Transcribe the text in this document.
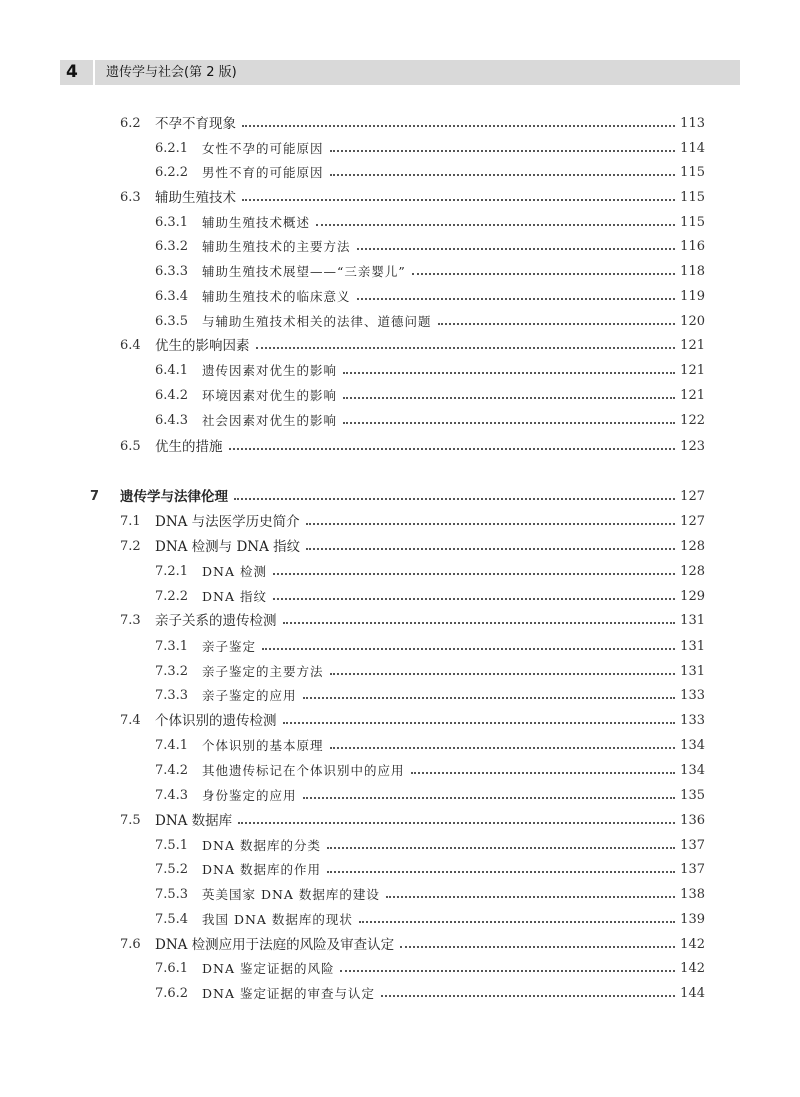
4 遗传学与社会(第 2 版)
6.2 不孕不育现象	113
6.2.1 女性不孕的可能原因	114
6.2.2 男性不育的可能原因	115
6.3 辅助生殖技术	115
6.3.1 辅助生殖技术概述	115
6.3.2 辅助生殖技术的主要方法	116
6.3.3 辅助生殖技术展望——“三亲婴儿”	118
6.3.4 辅助生殖技术的临床意义	119
6.3.5 与辅助生殖技术相关的法律、道德问题	120
6.4 优生的影响因素	121
6.4.1 遗传因素对优生的影响	121
6.4.2 环境因素对优生的影响	121
6.4.3 社会因素对优生的影响	122
6.5 优生的措施	123
7 遗传学与法律伦理	127
7.1 DNA 与法医学历史简介	127
7.2 DNA 检测与 DNA 指纹	128
7.2.1 DNA 检测	128
7.2.2 DNA 指纹	129
7.3 亲子关系的遗传检测	131
7.3.1 亲子鉴定	131
7.3.2 亲子鉴定的主要方法	131
7.3.3 亲子鉴定的应用	133
7.4 个体识别的遗传检测	133
7.4.1 个体识别的基本原理	134
7.4.2 其他遗传标记在个体识别中的应用	134
7.4.3 身份鉴定的应用	135
7.5 DNA 数据库	136
7.5.1 DNA 数据库的分类	137
7.5.2 DNA 数据库的作用	137
7.5.3 英美国家 DNA 数据库的建设	138
7.5.4 我国 DNA 数据库的现状	139
7.6 DNA 检测应用于法庭的风险及审查认定	142
7.6.1 DNA 鉴定证据的风险	142
7.6.2 DNA 鉴定证据的审查与认定	144
